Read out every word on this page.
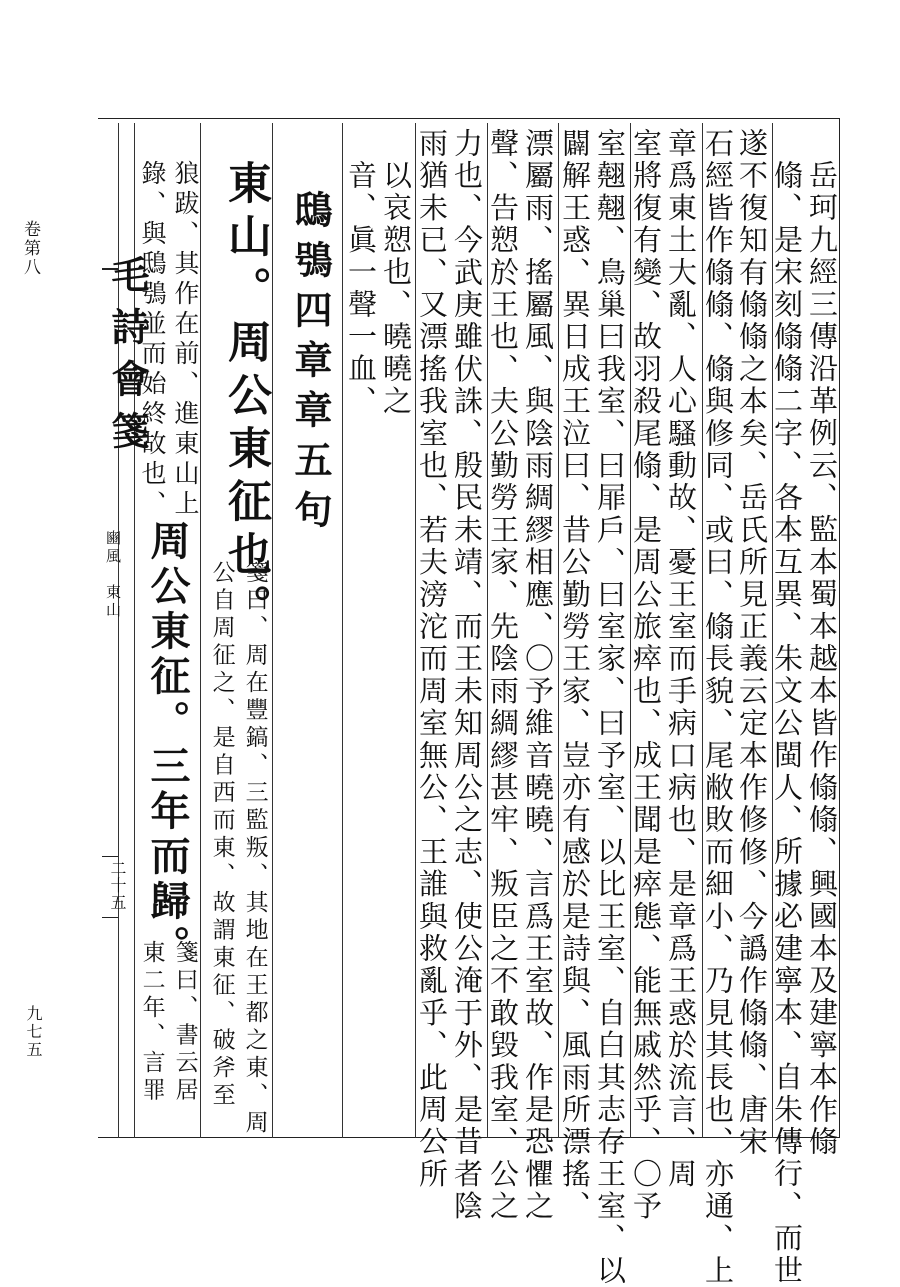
卷第八
九七五
毛詩會箋
豳風　東山
二十五	岳珂九經三傳沿革例云、監本蜀本越本皆作翛翛、興國本及建寧本作翛
翛、是宋刻翛翛二字、各本互異、朱文公閩人、所據必建寧本、自朱傳行、而世
遂不復知有翛翛之本矣、岳氏所見正義云定本作修修、今譌作翛翛、唐宋
石經皆作翛翛、翛與修同、或曰、翛長貌、尾敝敗而細小、乃見其長也、亦通、上
章爲東土大亂、人心騷動故、憂王室而手病口病也、是章爲王惑於流言、周
室將復有變、故羽殺尾翛、是周公旅瘁也、成王聞是瘁態、能無戚然乎、〇予
室翹翹、鳥巢曰我室、曰屝戶、曰室家、曰予室、以比王室、自白其志存王室、以
闢解王惑、異日成王泣曰、昔公勤勞王家、豈亦有感於是詩與、風雨所漂搖、
漂屬雨、搖屬風、與陰雨綢繆相應、〇予維音曉曉、言爲王室故、作是恐懼之
聲、告愬於王也、夫公勤勞王家、先陰雨綢繆甚牢、叛臣之不敢毀我室、公之
力也、今武庚雖伏誅、殷民未靖、而王未知周公之志、使公淹于外、是昔者陰
雨猶未已、又漂搖我室也、若夫滂沱而周室無公、王誰與救亂乎、此周公所
以哀愬也、曉曉之
音、眞一聲一血、
鴟鴞四章章五句
東山。周公東征也。
箋曰、周在豐鎬、三監叛、其地在王都之東、周
公自周征之、是自西而東、故謂東征、破斧至
狼跋、其作在前、進東山上
錄、與鴟鴞並而始終故也、
周公東征。三年而歸。
箋曰、書云居
東二年、言罪
